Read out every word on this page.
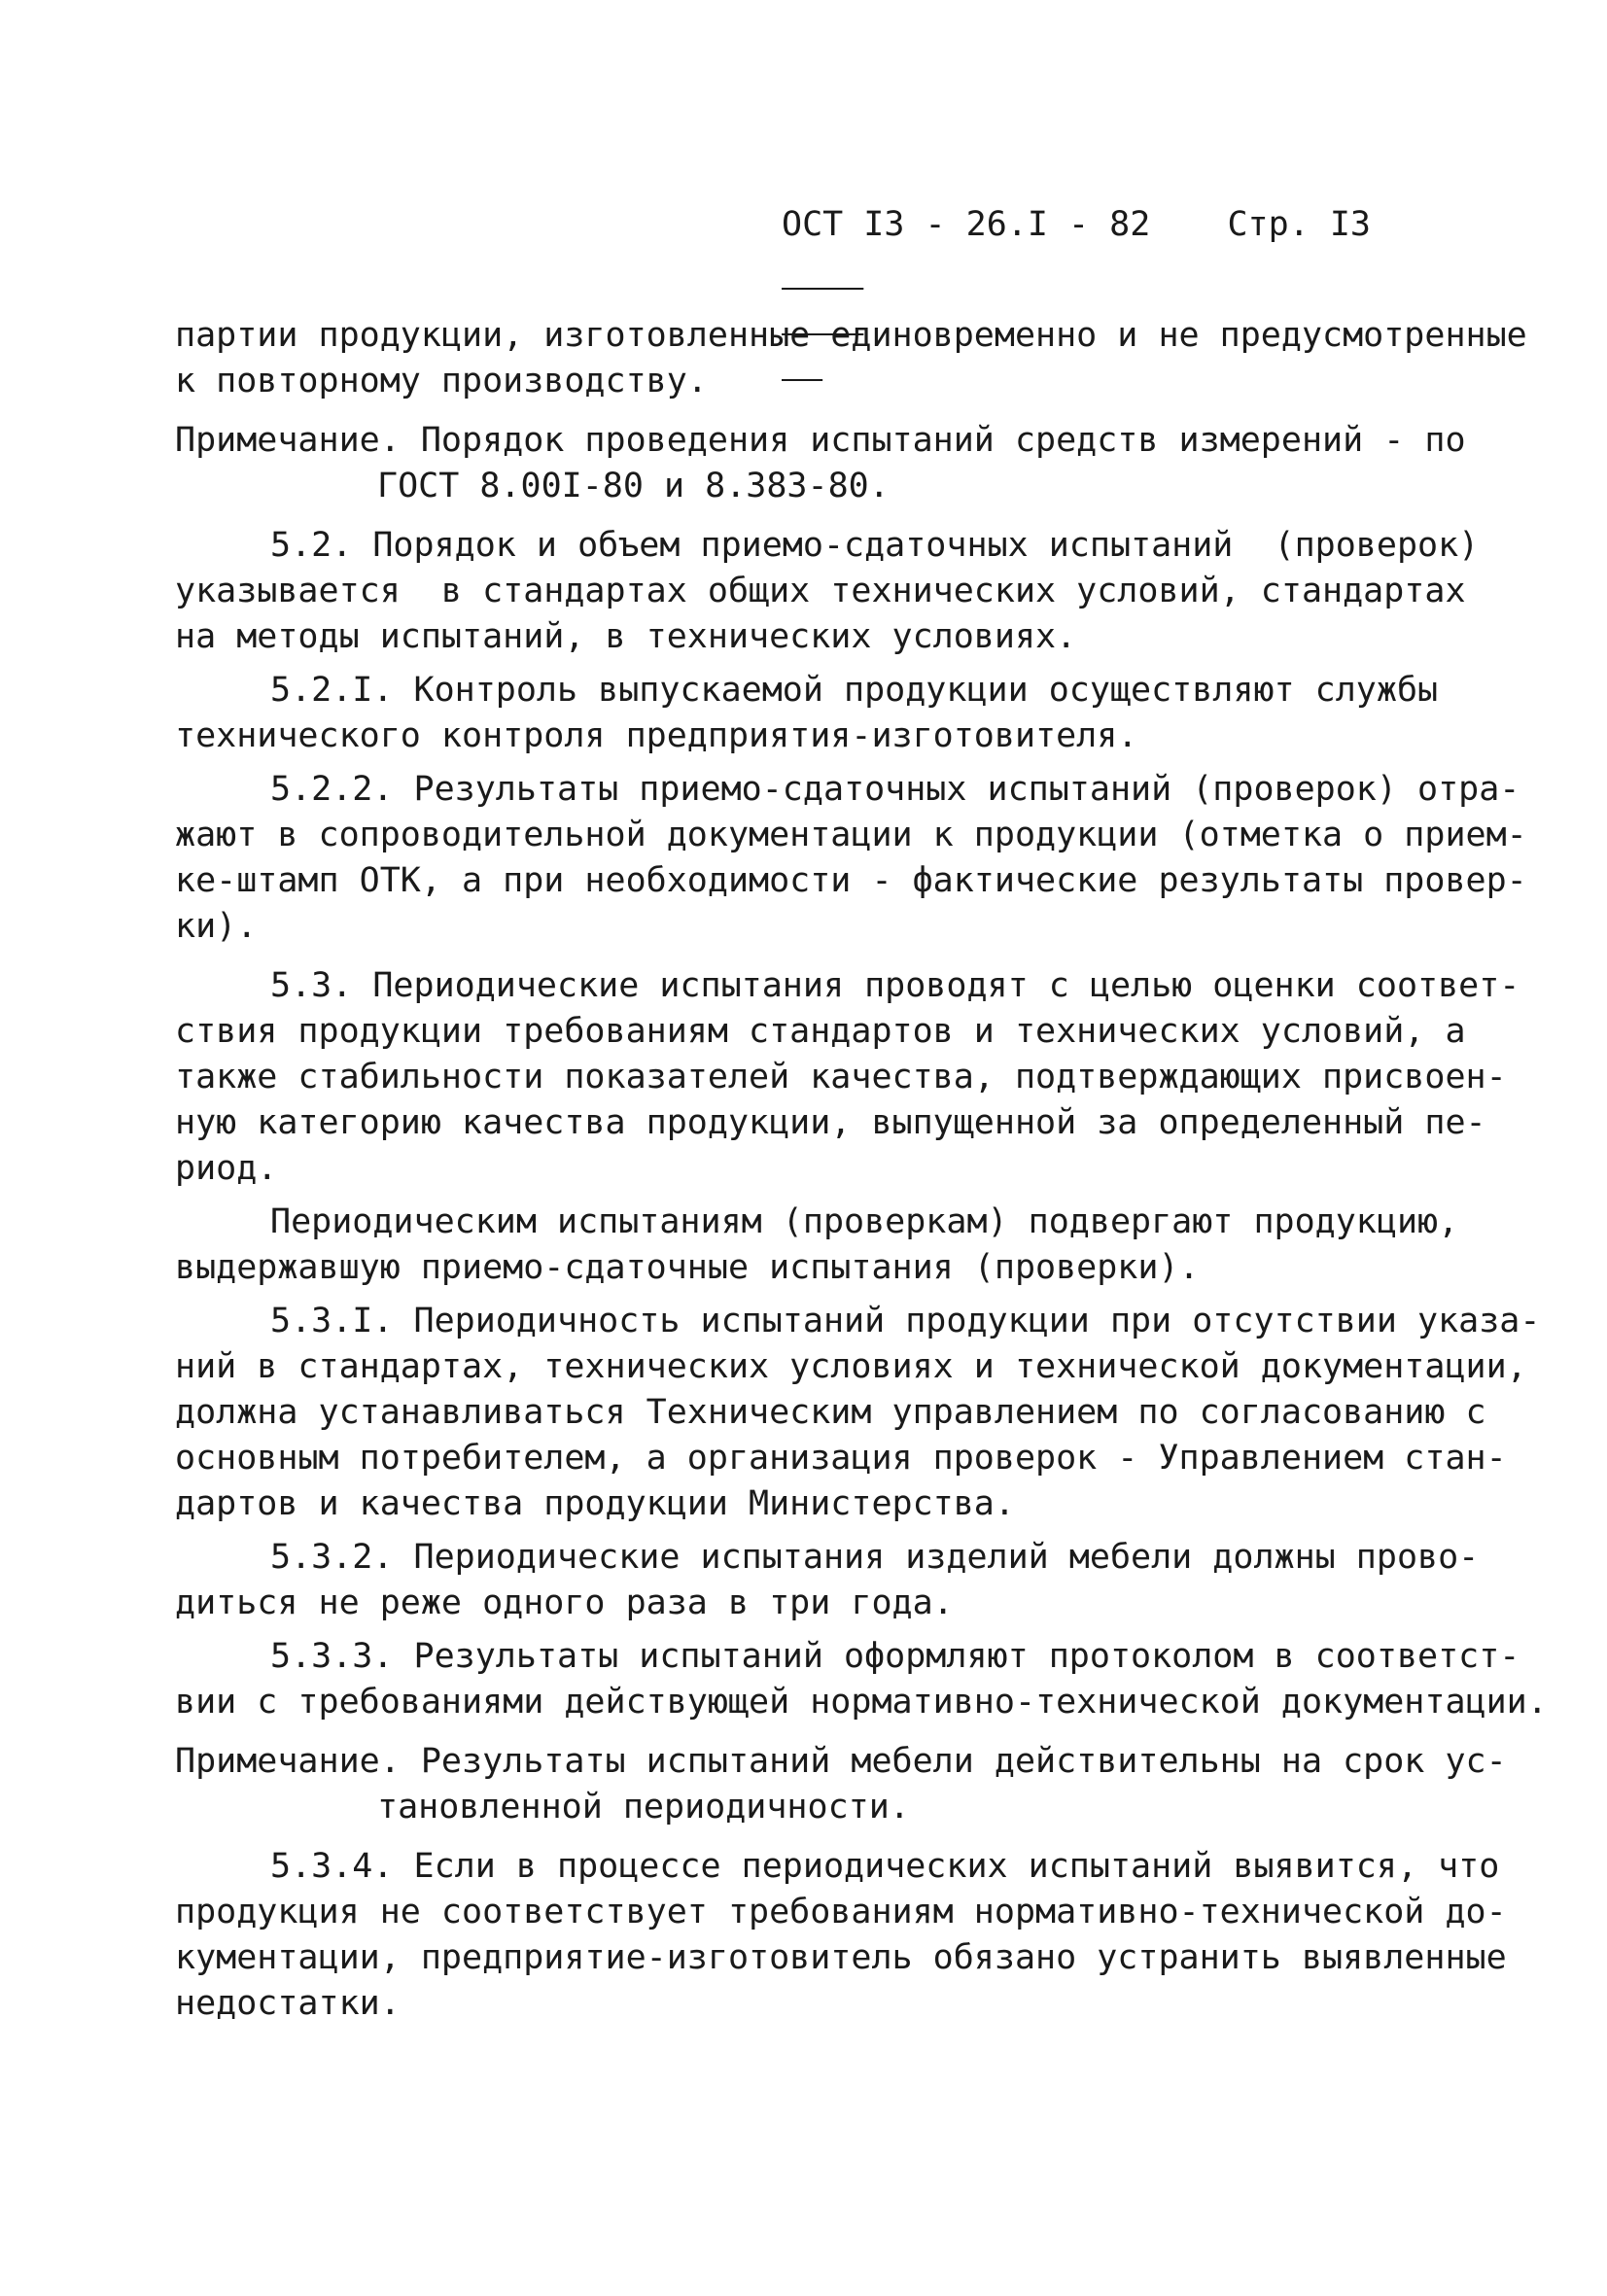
ОСТ I3 - 26.I - 82

Стр. I3

партии продукции, изготовленные единовременно и не предусмотренные
к повторному производству.
Примечание. Порядок проведения испытаний средств измерений - по
ГОСТ 8.00I-80 и 8.383-80.
5.2. Порядок и объем приемо-сдаточных испытаний  (проверок)
указывается  в стандартах общих технических условий, стандартах
на методы испытаний, в технических условиях.
5.2.I. Контроль выпускаемой продукции осуществляют службы
технического контроля предприятия-изготовителя.
5.2.2. Результаты приемо-сдаточных испытаний (проверок) отра-
жают в сопроводительной документации к продукции (отметка о прием-
ке-штамп ОТК, а при необходимости - фактические результаты провер-
ки).
5.3. Периодические испытания проводят с целью оценки соответ-
ствия продукции требованиям стандартов и технических условий, а
также стабильности показателей качества, подтверждающих присвоен-
ную категорию качества продукции, выпущенной за определенный пе-
риод.
Периодическим испытаниям (проверкам) подвергают продукцию,
выдержавшую приемо-сдаточные испытания (проверки).
5.3.I. Периодичность испытаний продукции при отсутствии указа-
ний в стандартах, технических условиях и технической документации,
должна устанавливаться Техническим управлением по согласованию с
основным потребителем, а организация проверок - Управлением стан-
дартов и качества продукции Министерства.
5.3.2. Периодические испытания изделий мебели должны прово-
диться не реже одного раза в три года.
5.3.3. Результаты испытаний оформляют протоколом в соответст-
вии с требованиями действующей нормативно-технической документации.
Примечание. Результаты испытаний мебели действительны на срок ус-
тановленной периодичности.
5.3.4. Если в процессе периодических испытаний выявится, что
продукция не соответствует требованиям нормативно-технической до-
кументации, предприятие-изготовитель обязано устранить выявленные
недостатки.
